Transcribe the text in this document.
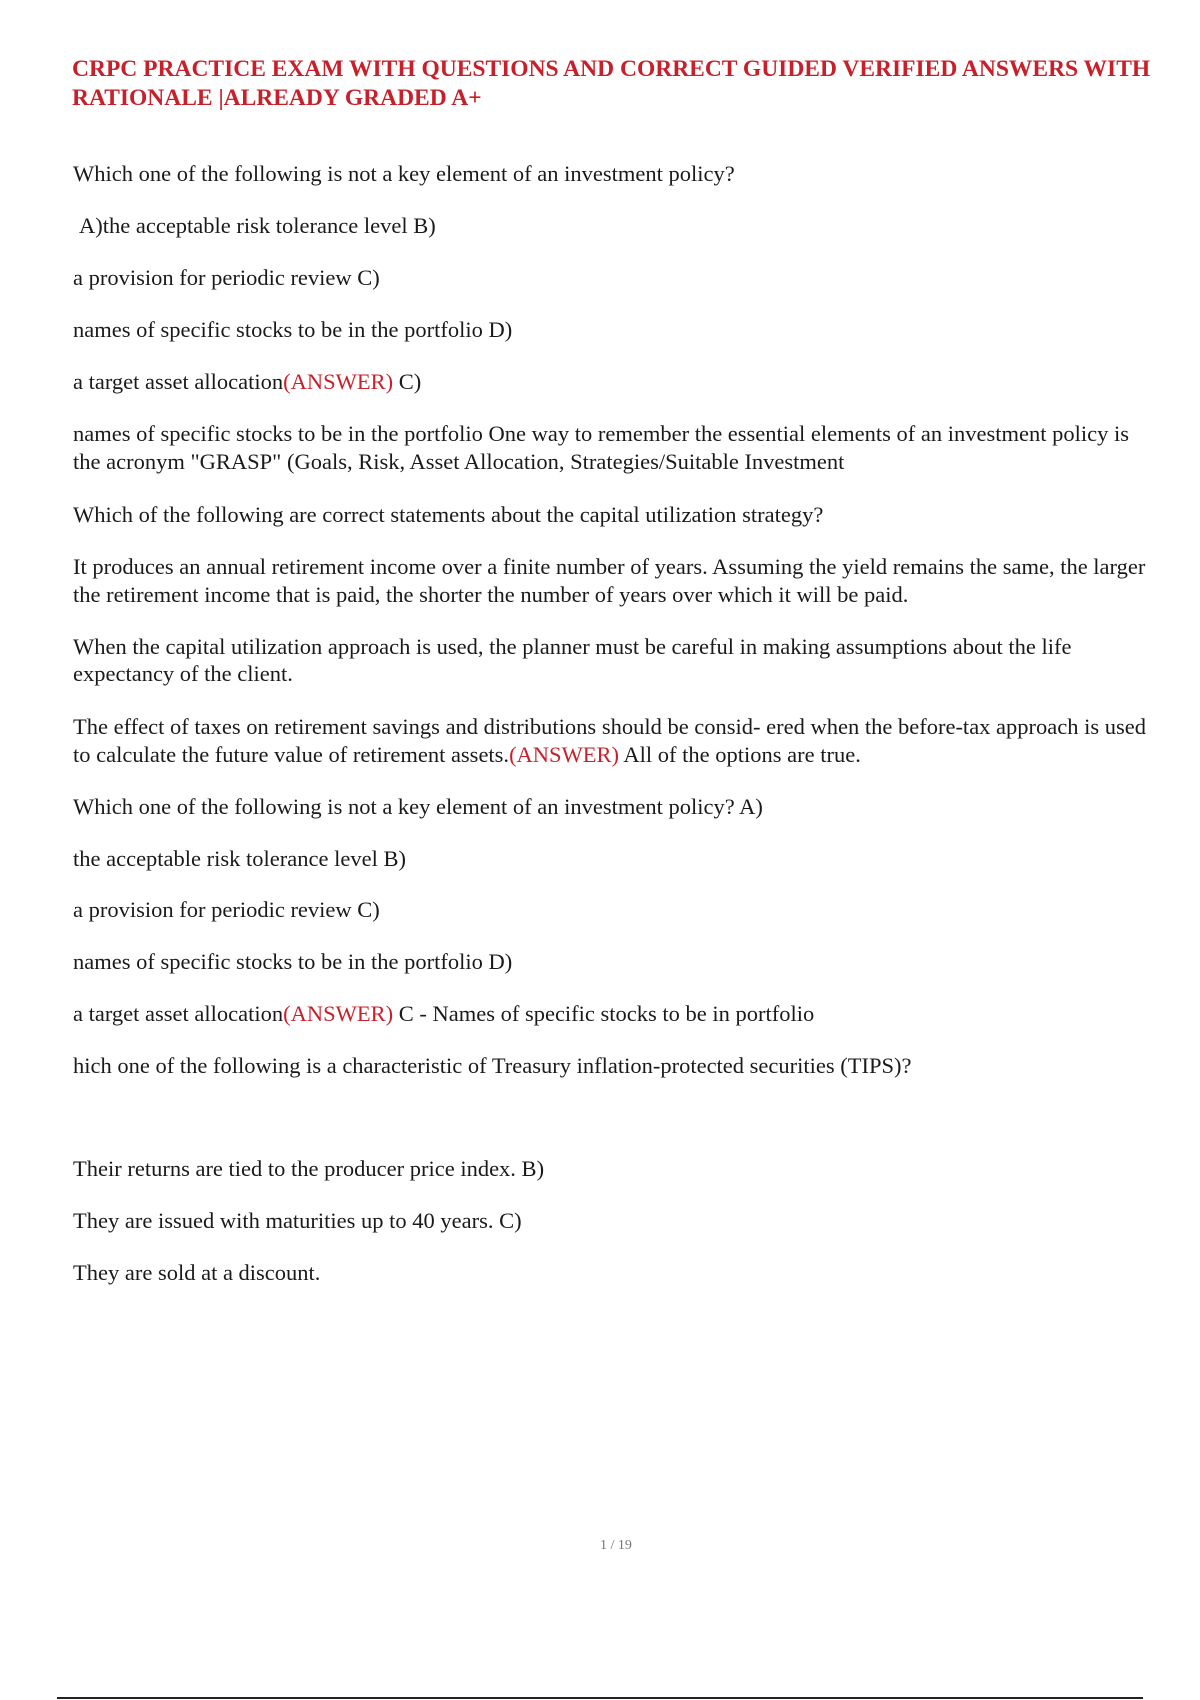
CRPC PRACTICE EXAM WITH QUESTIONS AND CORRECT GUIDED VERIFIED ANSWERS WITH RATIONALE |ALREADY GRADED A+

Which one of the following is not a key element of an investment policy?

A)the acceptable risk tolerance level B)

a provision for periodic review C)

names of specific stocks to be in the portfolio D)

a target asset allocation(ANSWER) C)

names of specific stocks to be in the portfolio One way to remember the essential elements of an investment policy is

the acronym "GRASP" (Goals, Risk, Asset Allocation, Strategies/Suitable Investment

Which of the following are correct statements about the capital utilization strategy?

It produces an annual retirement income over a finite number of years. Assuming the yield remains the same, the larger

the retirement income that is paid, the shorter the number of years over which it will be paid.

When the capital utilization approach is used, the planner must be careful in making assumptions about the life

expectancy of the client.

The effect of taxes on retirement savings and distributions should be consid- ered when the before-tax approach is used

to calculate the future value of retirement assets.(ANSWER) All of the options are true.

Which one of the following is not a key element of an investment policy? A)

the acceptable risk tolerance level B)

a provision for periodic review C)

names of specific stocks to be in the portfolio D)

a target asset allocation(ANSWER) C - Names of specific stocks to be in portfolio

hich one of the following is a characteristic of Treasury inflation-protected securities (TIPS)?

Their returns are tied to the producer price index. B)

They are issued with maturities up to 40 years. C)

They are sold at a discount.

1 / 19
